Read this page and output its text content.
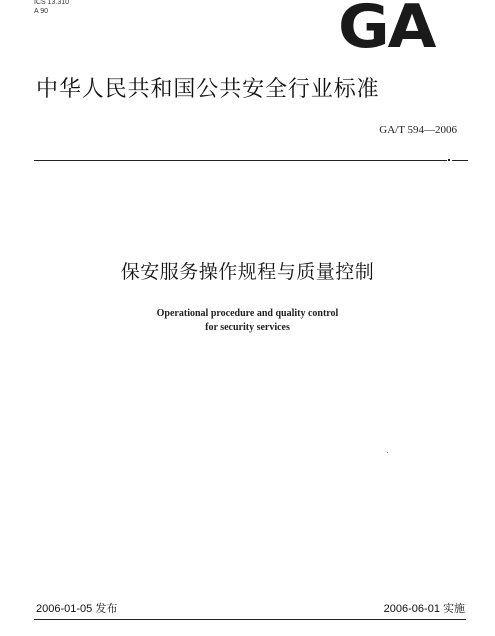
ICS 13.310
A 90	GA
中华人民共和国公共安全行业标准
GA/T 594—2006
保安服务操作规程与质量控制
Operational procedure and quality control
for security services
2006-01-05 发布	2006-06-01 实施
